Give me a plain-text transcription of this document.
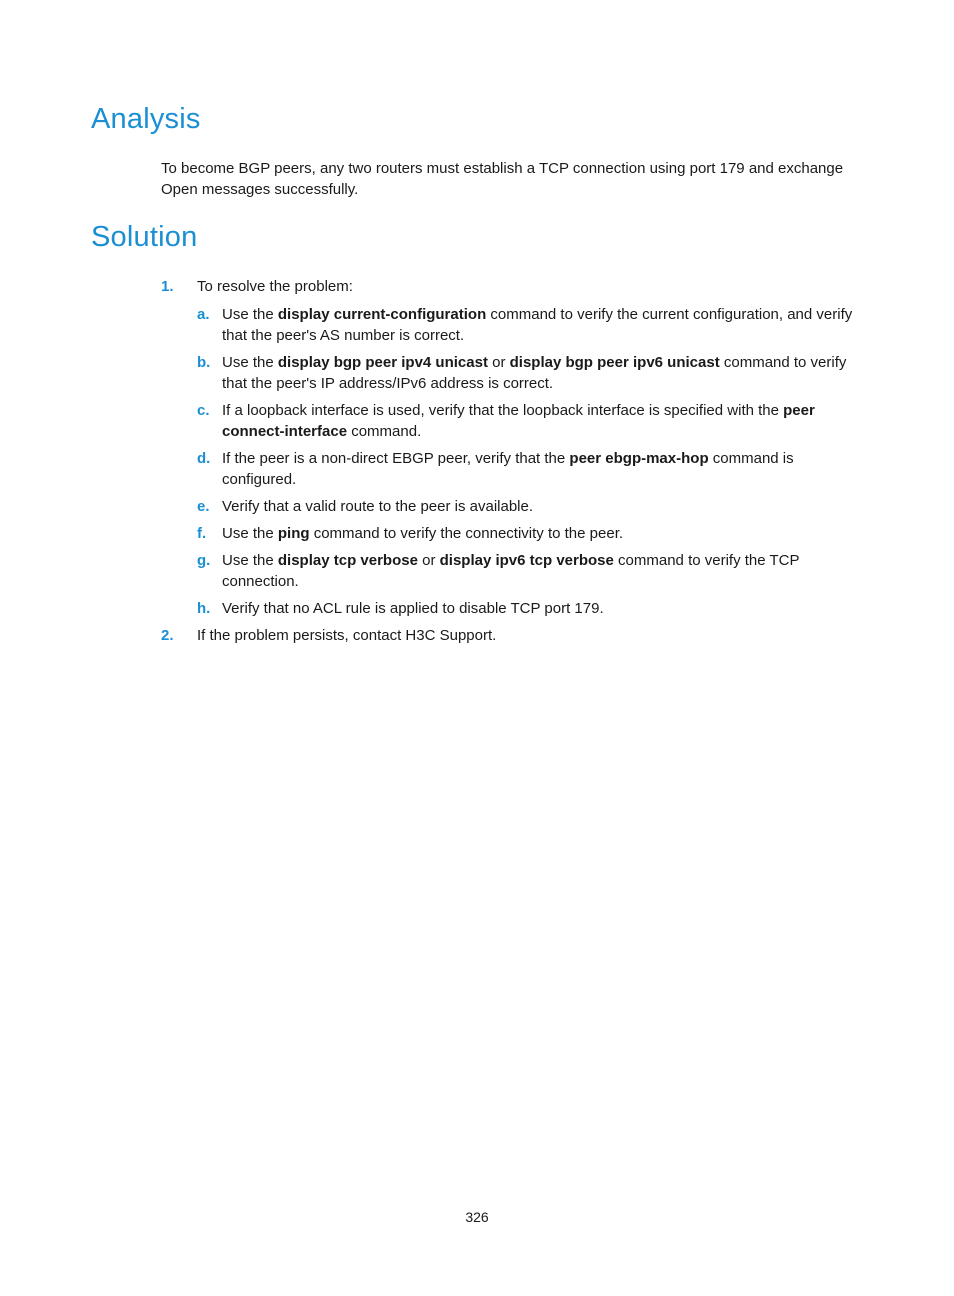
Analysis

To become BGP peers, any two routers must establish a TCP connection using port 179 and exchange Open messages successfully.

Solution
1. To resolve the problem:
a. Use the display current-configuration command to verify the current configuration, and verify that the peer's AS number is correct.
b. Use the display bgp peer ipv4 unicast or display bgp peer ipv6 unicast command to verify that the peer's IP address/IPv6 address is correct.
c. If a loopback interface is used, verify that the loopback interface is specified with the peer connect-interface command.
d. If the peer is a non-direct EBGP peer, verify that the peer ebgp-max-hop command is configured.
e. Verify that a valid route to the peer is available.
f. Use the ping command to verify the connectivity to the peer.
g. Use the display tcp verbose or display ipv6 tcp verbose command to verify the TCP connection.
h. Verify that no ACL rule is applied to disable TCP port 179.
2. If the problem persists, contact H3C Support.

326
